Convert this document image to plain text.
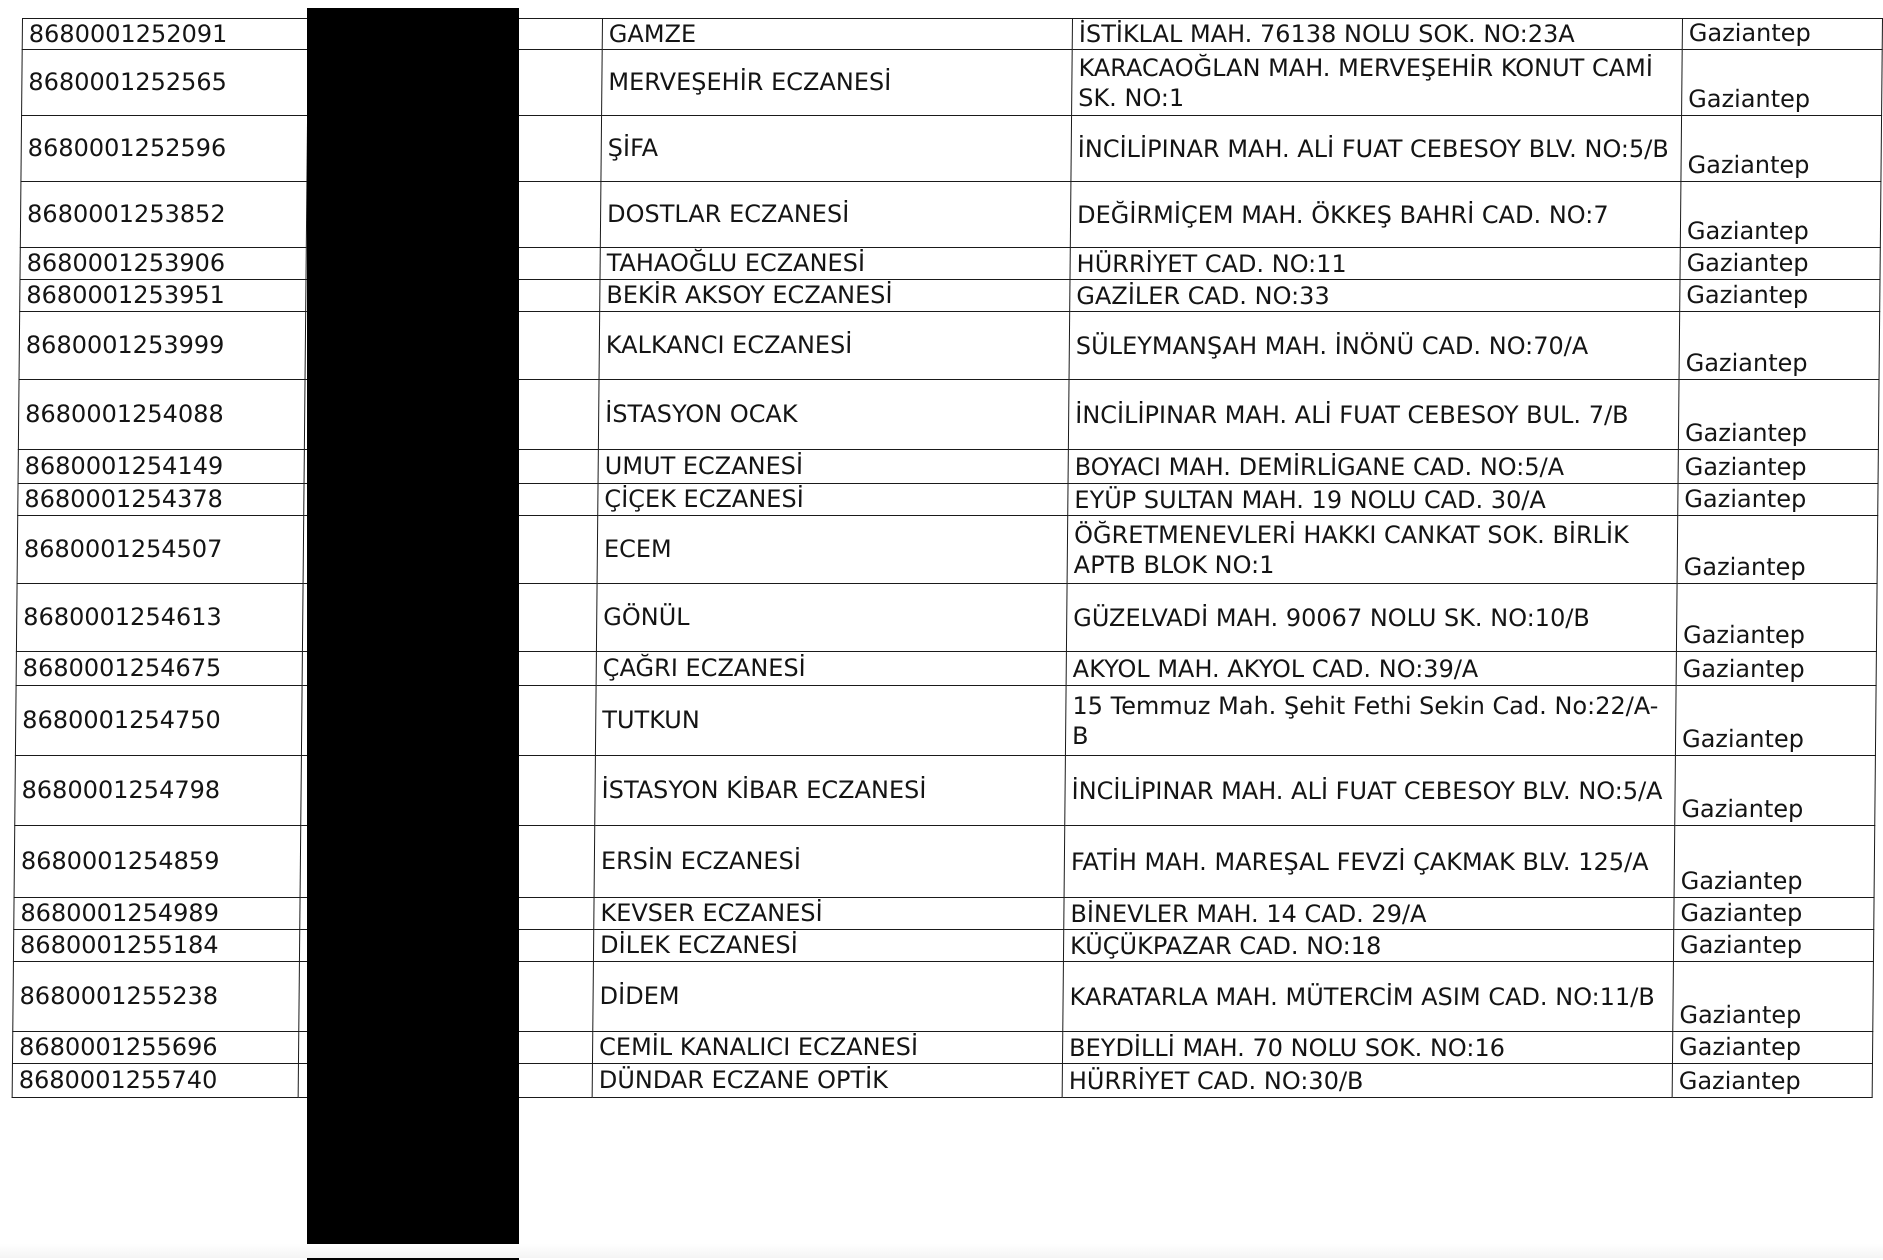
8680001252091		GAMZE	İSTİKLAL MAH. 76138 NOLU SOK. NO:23A	Gaziantep
8680001252565		MERVEŞEHİR ECZANESİ	KARACAOĞLAN MAH. MERVEŞEHİR KONUT CAMİ SK. NO:1	Gaziantep
8680001252596		ŞİFA	İNCİLİPINAR MAH. ALİ FUAT CEBESOY BLV. NO:5/B	Gaziantep
8680001253852		DOSTLAR ECZANESİ	DEĞİRMİÇEM MAH. ÖKKEŞ BAHRİ CAD. NO:7	Gaziantep
8680001253906		TAHAOĞLU ECZANESİ	HÜRRİYET CAD. NO:11	Gaziantep
8680001253951		BEKİR AKSOY ECZANESİ	GAZİLER CAD. NO:33	Gaziantep
8680001253999		KALKANCI ECZANESİ	SÜLEYMANŞAH MAH. İNÖNÜ CAD. NO:70/A	Gaziantep
8680001254088		İSTASYON OCAK	İNCİLİPINAR MAH. ALİ FUAT CEBESOY BUL. 7/B	Gaziantep
8680001254149		UMUT ECZANESİ	BOYACI MAH. DEMİRLİGANE CAD. NO:5/A	Gaziantep
8680001254378		ÇİÇEK ECZANESİ	EYÜP SULTAN MAH. 19 NOLU CAD. 30/A	Gaziantep
8680001254507		ECEM	ÖĞRETMENEVLERİ HAKKI CANKAT SOK. BİRLİK APTB BLOK NO:1	Gaziantep
8680001254613		GÖNÜL	GÜZELVADİ MAH. 90067 NOLU SK. NO:10/B	Gaziantep
8680001254675		ÇAĞRI ECZANESİ	AKYOL MAH. AKYOL CAD. NO:39/A	Gaziantep
8680001254750		TUTKUN	15 Temmuz Mah. Şehit Fethi Sekin Cad. No:22/A-B	Gaziantep
8680001254798		İSTASYON KİBAR ECZANESİ	İNCİLİPINAR MAH. ALİ FUAT CEBESOY BLV. NO:5/A	Gaziantep
8680001254859		ERSİN ECZANESİ	FATİH MAH. MAREŞAL FEVZİ ÇAKMAK BLV. 125/A	Gaziantep
8680001254989		KEVSER ECZANESİ	BİNEVLER MAH. 14 CAD. 29/A	Gaziantep
8680001255184		DİLEK ECZANESİ	KÜÇÜKPAZAR CAD. NO:18	Gaziantep
8680001255238		DİDEM	KARATARLA MAH. MÜTERCİM ASIM CAD. NO:11/B	Gaziantep
8680001255696		CEMİL KANALICI ECZANESİ	BEYDİLLİ MAH. 70 NOLU SOK. NO:16	Gaziantep
8680001255740		DÜNDAR ECZANE OPTİK	HÜRRİYET CAD. NO:30/B	Gaziantep
